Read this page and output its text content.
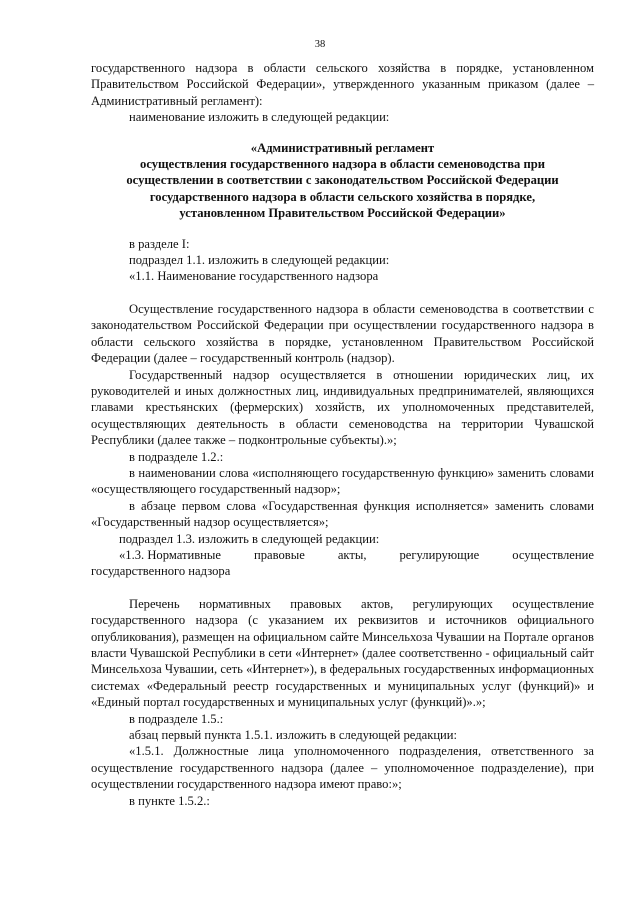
38

государственного надзора в области сельского хозяйства в порядке, установленном Правительством Российской Федерации», утвержденного указанным приказом (далее – Административный регламент):

наименование изложить в следующей редакции:

«Административный регламент

осуществления государственного надзора в области семеноводства при

осуществлении в соответствии с законодательством Российской Федерации

государственного надзора в области сельского хозяйства в порядке,

установленном Правительством Российской Федерации»

в разделе I:

подраздел 1.1. изложить в следующей редакции:

«1.1. Наименование государственного надзора

Осуществление государственного надзора в области семеноводства в соответствии с законодательством Российской Федерации при осуществлении государственного надзора в области сельского хозяйства в порядке, установленном Правительством Российской Федерации (далее – государственный контроль (надзор).

Государственный надзор осуществляется в отношении юридических лиц, их руководителей и иных должностных лиц, индивидуальных предпринимателей, являющихся главами крестьянских (фермерских) хозяйств, их уполномоченных представителей, осуществляющих деятельность в области семеноводства на территории Чувашской Республики (далее также – подконтрольные субъекты).»;

в подразделе 1.2.:

в наименовании слова «исполняющего государственную функцию» заменить словами «осуществляющего государственный надзор»;

в абзаце первом слова «Государственная функция исполняется» заменить словами «Государственный надзор осуществляется»;

подраздел 1.3. изложить в следующей редакции:

«1.3. Нормативные	правовые	акты,	регулирующие	осуществление

государственного надзора

Перечень нормативных правовых актов, регулирующих осуществление государственного надзора (с указанием их реквизитов и источников официального опубликования), размещен на официальном сайте Минсельхоза Чувашии на Портале органов власти Чувашской Республики в сети «Интернет» (далее соответственно - официальный сайт Минсельхоза Чувашии, сеть «Интернет»), в федеральных государственных информационных системах «Федеральный реестр государственных и муниципальных услуг (функций)» и «Единый портал государственных и муниципальных услуг (функций)».»;

в подразделе 1.5.:

абзац первый пункта 1.5.1. изложить в следующей редакции:

«1.5.1. Должностные лица уполномоченного подразделения, ответственного за осуществление государственного надзора (далее – уполномоченное подразделение), при осуществлении государственного надзора имеют право:»;

в пункте 1.5.2.:
